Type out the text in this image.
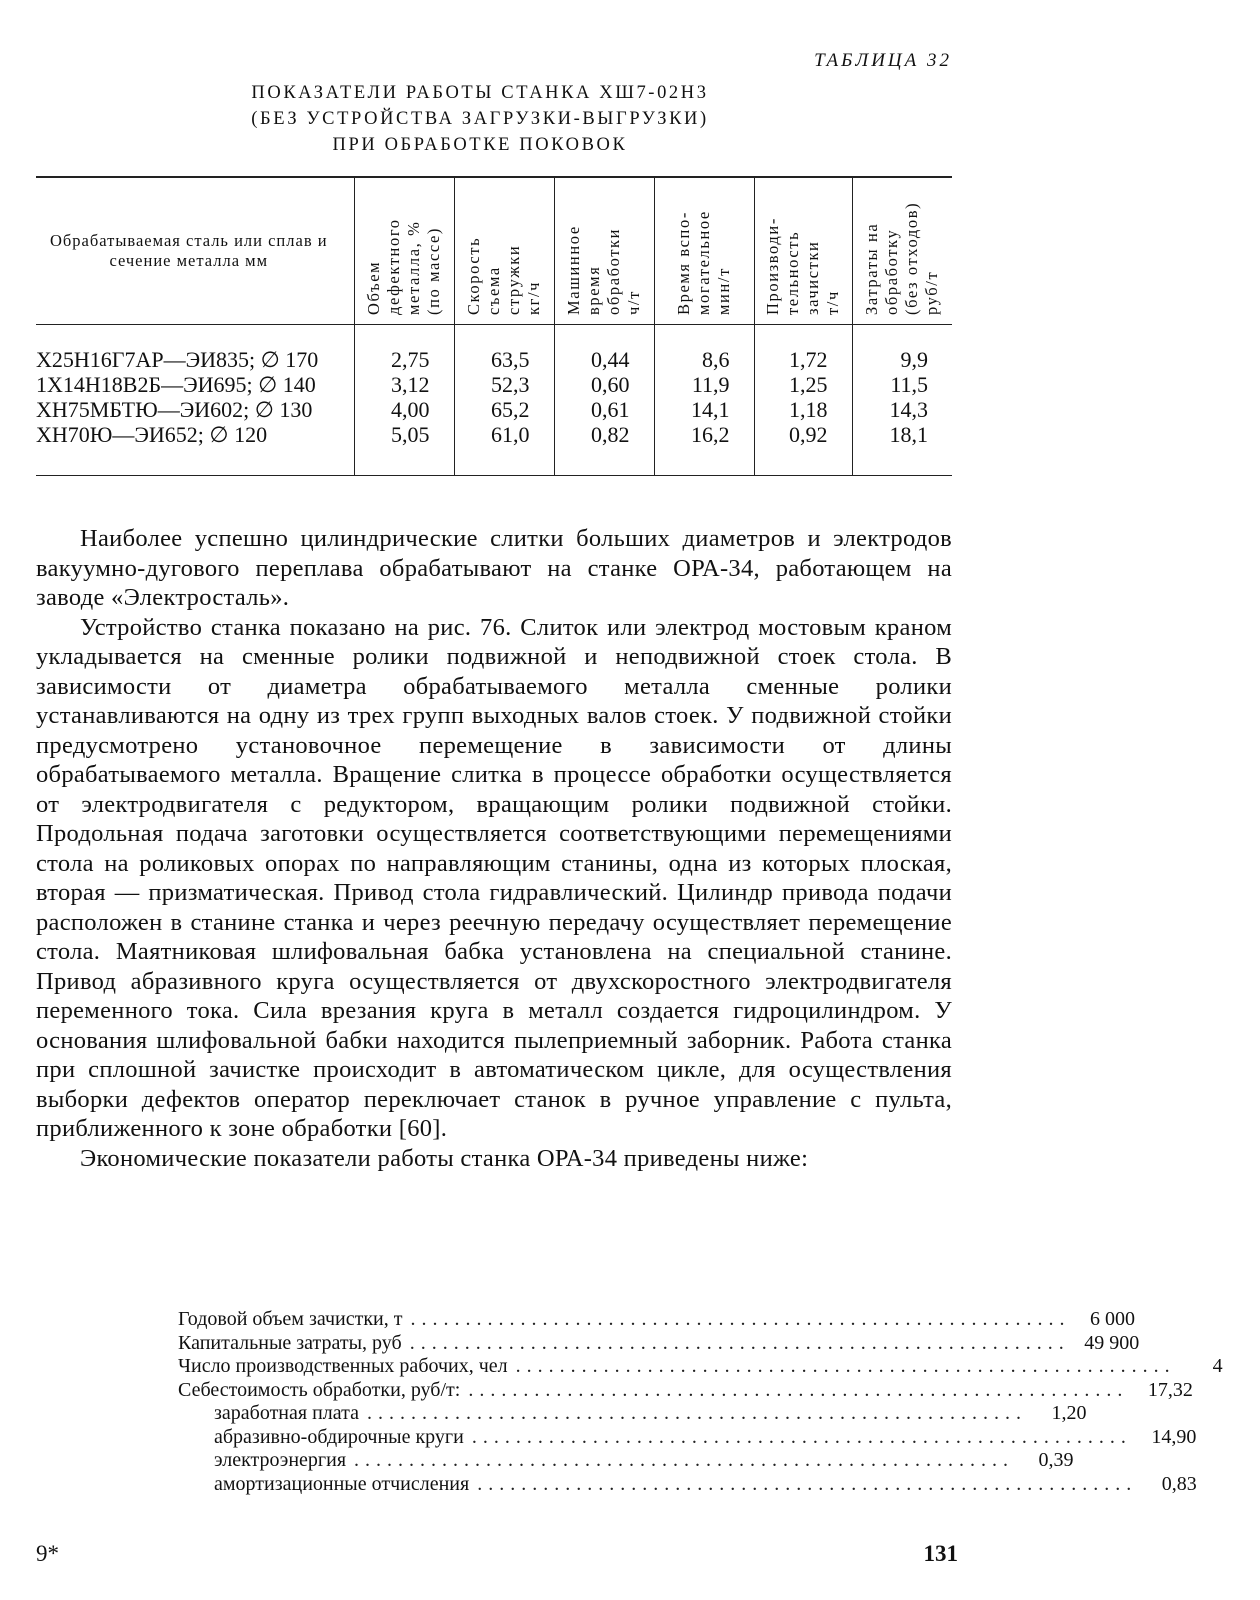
ТАБЛИЦА 32
ПОКАЗАТЕЛИ РАБОТЫ СТАНКА ХШ7-02Н3
(БЕЗ УСТРОЙСТВА ЗАГРУЗКИ-ВЫГРУЗКИ)
ПРИ ОБРАБОТКЕ ПОКОВОК
Обрабатываемая сталь или сплав и сечение металла мм	Объем
дефектного
металла, %
(по массе)	Скорость
съема
стружки
кг/ч	Машинное
время
обработки
ч/т	Время вспо-
могательное
мин/т	Производи-
тельность
зачистки
т/ч	Затраты на
обработку
(без отходов)
руб/т

Х25Н16Г7АР—ЭИ835; ∅ 170	2,75	63,5	0,44	8,6	1,72	9,9
1Х14Н18В2Б—ЭИ695; ∅ 140	3,12	52,3	0,60	11,9	1,25	11,5
ХН75МБТЮ—ЭИ602; ∅ 130	4,00	65,2	0,61	14,1	1,18	14,3
ХН70Ю—ЭИ652; ∅ 120	5,05	61,0	0,82	16,2	0,92	18,1

Наиболее успешно цилиндрические слитки больших диаметров и электродов вакуумно-дугового переплава обрабатывают на станке ОРА-34, работающем на заводе «Электросталь».

Устройство станка показано на рис. 76. Слиток или электрод мостовым краном укладывается на сменные ролики подвижной и неподвижной стоек стола. В зависимости от диаметра обрабатываемого металла сменные ролики устанавливаются на одну из трех групп выходных валов стоек. У подвижной стойки предусмотрено установочное перемещение в зависимости от длины обрабатываемого металла. Вращение слитка в процессе обработки осуществляется от электродвигателя с редуктором, вращающим ролики подвижной стойки. Продольная подача заготовки осуществляется соответствующими перемещениями стола на роликовых опорах по направляющим станины, одна из которых плоская, вторая — призматическая. Привод стола гидравлический. Цилиндр привода подачи расположен в станине станка и через реечную передачу осуществляет перемещение стола. Маятниковая шлифовальная бабка установлена на специальной станине. Привод абразивного круга осуществляется от двухскоростного электродвигателя переменного тока. Сила врезания круга в металл создается гидроцилиндром. У основания шлифовальной бабки находится пылеприемный заборник. Работа станка при сплошной зачистке происходит в автоматическом цикле, для осуществления выборки дефектов оператор переключает станок в ручное управление с пульта, приближенного к зоне обработки [60].

Экономические показатели работы станка ОРА-34 приведены ниже:

Годовой объем зачистки, т ............................................................ 6 000
Капитальные затраты, руб ............................................................ 49 900
Число производственных рабочих, чел ............................................................	4
Себестоимость обработки, руб/т: ............................................................ 17,32
заработная плата ............................................................	1,20
абразивно-обдирочные круги ............................................................ 14,90
электроэнергия ............................................................	0,39
амортизационные отчисления ............................................................	0,83
9*	131
